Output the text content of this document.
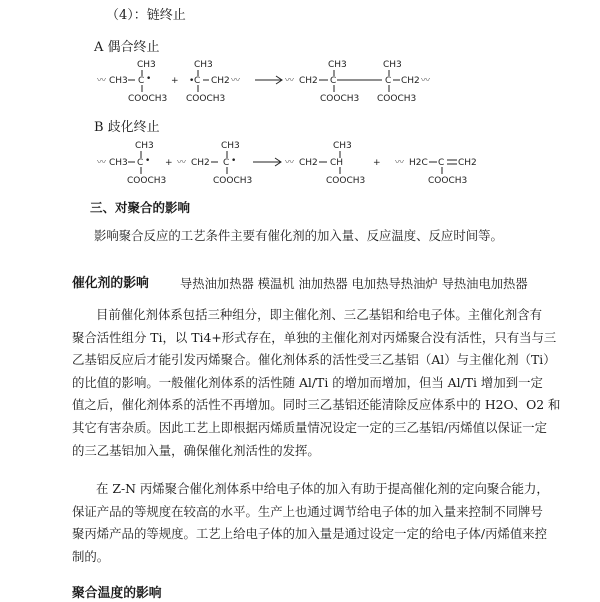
（4）：链终止
A 偶合终止
〰 CH3
CH3
C •
COOCH3
+ • C
CH3
CH2 〰
COOCH3
〰 CH2
CH3
C
COOCH3
CH3
C CH2 〰
COOCH3
B 歧化终止
〰 CH3
CH3
C •
COOCH3
+ 〰 CH2
CH3
C •
COOCH3
〰 CH2
CH3
CH
COOCH3
+ 〰 H2C C CH2
COOCH3
三、对聚合的影响
影响聚合反应的工艺条件主要有催化剂的加入量、反应温度、反应时间等。
催化剂的影响	导热油加热器 模温机 油加热器 电加热导热油炉 导热油电加热器
目前催化剂体系包括三种组分，即主催化剂、三乙基铝和给电子体。主催化剂含有
聚合活性组分 Ti，以 Ti4+形式存在，单独的主催化剂对丙烯聚合没有活性，只有当与三
乙基铝反应后才能引发丙烯聚合。催化剂体系的活性受三乙基铝（Al）与主催化剂（Ti）
的比值的影响。一般催化剂体系的活性随 Al/Ti 的增加而增加，但当 Al/Ti 增加到一定
值之后，催化剂体系的活性不再增加。同时三乙基铝还能清除反应体系中的 H2O、O2 和
其它有害杂质。因此工艺上即根据丙烯质量情况设定一定的三乙基铝/丙烯值以保证一定
的三乙基铝加入量，确保催化剂活性的发挥。
在 Z-N 丙烯聚合催化剂体系中给电子体的加入有助于提高催化剂的定向聚合能力，
保证产品的等规度在较高的水平。生产上也通过调节给电子体的加入量来控制不同牌号
聚丙烯产品的等规度。工艺上给电子体的加入量是通过设定一定的给电子体/丙烯值来控
制的。
聚合温度的影响
